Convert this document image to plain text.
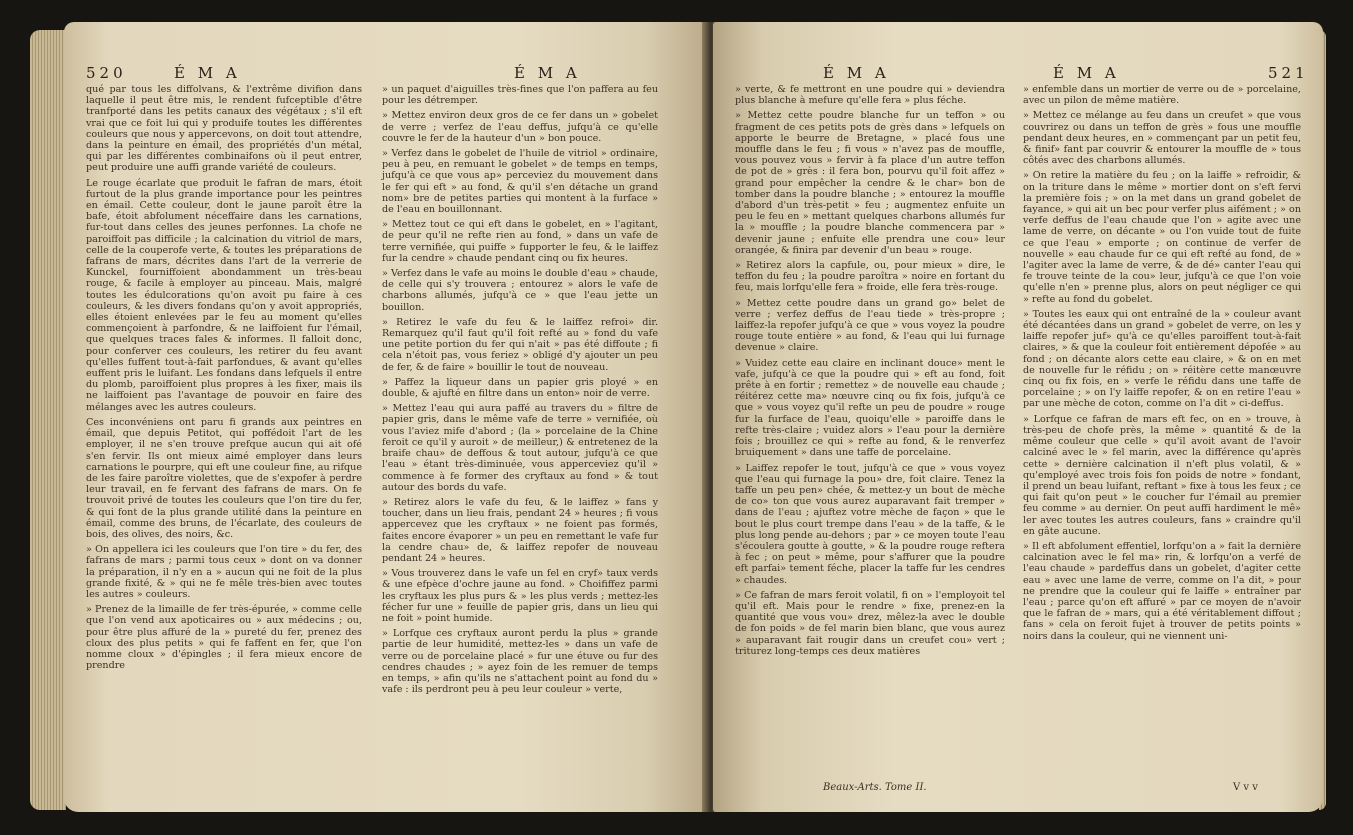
520	É M A	É M A

qué par tous les diffolvans, & l'extrême divifion dans laquelle il peut être mis, le rendent fufceptible d'être tranfporté dans les petits canaux des végétaux ; s'il eft vrai que ce foit lui qui y produife toutes les différentes couleurs que nous y appercevons, on doit tout attendre, dans la peinture en émail, des propriétés d'un métal, qui par les différentes combinaifons où il peut entrer, peut produire une auffi grande variété de couleurs.

Le rouge écarlate que produit le fafran de mars, étoit furtout de la plus grande importance pour les peintres en émail. Cette couleur, dont le jaune paroît être la bafe, étoit abfolument néceffaire dans les carnations, fur-tout dans celles des jeunes perfonnes. La chofe ne paroiffoit pas difficile ; la calcination du vitriol de mars, celle de la couperofe verte, & toutes les préparations de fafrans de mars, décrites dans l'art de la verrerie de Kunckel, fourniffoient abondamment un très-beau rouge, & facile à employer au pinceau. Mais, malgré toutes les édulcorations qu'on avoit pu faire à ces couleurs, & les divers fondans qu'on y avoit appropriés, elles étoient enlevées par le feu au moment qu'elles commençoient à parfondre, & ne laiffoient fur l'émail, que quelques traces fales & informes. Il falloit donc, pour conferver ces couleurs, les retirer du feu avant qu'elles fuffent tout-à-fait parfondues, & avant qu'elles euffent pris le luifant. Les fondans dans lefquels il entre du plomb, paroiffoient plus propres à les fixer, mais ils ne laiffoient pas l'avantage de pouvoir en faire des mélanges avec les autres couleurs.

Ces inconvéniens ont paru fi grands aux peintres en émail, que depuis Petitot, qui poffédoit l'art de les employer, il ne s'en trouve prefque aucun qui ait ofé s'en fervir. Ils ont mieux aimé employer dans leurs carnations le pourpre, qui eft une couleur fine, au rifque de les faire paroître violettes, que de s'expofer à perdre leur travail, en fe fervant des fafrans de mars. On fe trouvoit privé de toutes les couleurs que l'on tire du fer, & qui font de la plus grande utilité dans la peinture en émail, comme des bruns, de l'écarlate, des couleurs de bois, des olives, des noirs, &c.

» On appellera ici les couleurs que l'on tire » du fer, des fafrans de mars ; parmi tous ceux » dont on va donner la préparation, il n'y en a » aucun qui ne foit de la plus grande fixité, & » qui ne fe mêle très-bien avec toutes les autres » couleurs.

» Prenez de la limaille de fer très-épurée, » comme celle que l'on vend aux apoticaires ou » aux médecins ; ou, pour être plus affuré de la » pureté du fer, prenez des cloux des plus petits » qui fe faffent en fer, que l'on nomme cloux » d'épingles ; il fera mieux encore de prendre

» un paquet d'aiguilles très-fines que l'on paffera au feu pour les détremper.

» Mettez environ deux gros de ce fer dans un » gobelet de verre ; verfez de l'eau deffus, jufqu'à ce qu'elle couvre le fer de la hauteur d'un » bon pouce.

» Verfez dans le gobelet de l'huile de vitriol » ordinaire, peu à peu, en remuant le gobelet » de temps en temps, jufqu'à ce que vous ap» perceviez du mouvement dans le fer qui eft » au fond, & qu'il s'en détache un grand nom» bre de petites parties qui montent à la furface » de l'eau en bouillonnant.

» Mettez tout ce qui eft dans le gobelet, en » l'agitant, de peur qu'il ne refte rien au fond, » dans un vafe de terre vernifiée, qui puiffe » fupporter le feu, & le laiffez fur la cendre » chaude pendant cinq ou fix heures.

» Verfez dans le vafe au moins le double d'eau » chaude, de celle qui s'y trouvera ; entourez » alors le vafe de charbons allumés, jufqu'à ce » que l'eau jette un bouillon.

» Retirez le vafe du feu & le laiffez refroi» dir. Remarquez qu'il faut qu'il foit refté au » fond du vafe une petite portion du fer qui n'ait » pas été diffoute ; fi cela n'étoit pas, vous feriez » obligé d'y ajouter un peu de fer, & de faire » bouillir le tout de nouveau.

» Paffez la liqueur dans un papier gris ployé » en double, & ajufté en filtre dans un enton» noir de verre.

» Mettez l'eau qui aura paffé au travers du » filtre de papier gris, dans le même vafe de terre » vernifiée, où vous l'aviez mife d'abord ; (la » porcelaine de la Chine feroit ce qu'il y auroit » de meilleur,) & entretenez de la braife chau» de deffous & tout autour, jufqu'à ce que l'eau » étant très-diminuée, vous apperceviez qu'il » commence à fe former des cryftaux au fond » & tout autour des bords du vafe.

» Retirez alors le vafe du feu, & le laiffez » fans y toucher, dans un lieu frais, pendant 24 » heures ; fi vous appercevez que les cryftaux » ne foient pas formés, faites encore évaporer » un peu en remettant le vafe fur la cendre chau» de, & laiffez repofer de nouveau pendant 24 » heures.

» Vous trouverez dans le vafe un fel en cryf» taux verds & une efpèce d'ochre jaune au fond. » Choififfez parmi les cryftaux les plus purs & » les plus verds ; mettez-les fécher fur une » feuille de papier gris, dans un lieu qui ne foit » point humide.

» Lorfque ces cryftaux auront perdu la plus » grande partie de leur humidité, mettez-les » dans un vafe de verre ou de porcelaine placé » fur une étuve ou fur des cendres chaudes ; » ayez foin de les remuer de temps en temps, » afin qu'ils ne s'attachent point au fond du » vafe : ils perdront peu à peu leur couleur » verte,

É M A	É M A	521

» verte, & fe mettront en une poudre qui » deviendra plus blanche à mefure qu'elle fera » plus féche.

» Mettez cette poudre blanche fur un teffon » ou fragment de ces petits pots de grès dans » lefquels on apporte le beurre de Bretagne, » placé fous une mouffle dans le feu ; fi vous » n'avez pas de mouffle, vous pouvez vous » fervir à fa place d'un autre teffon de pot de » grès : il fera bon, pourvu qu'il foit affez » grand pour empêcher la cendre & le char» bon de tomber dans la poudre blanche ; » entourez la mouffle d'abord d'un très-petit » feu ; augmentez enfuite un peu le feu en » mettant quelques charbons allumés fur la » mouffle ; la poudre blanche commencera par » devenir jaune ; enfuite elle prendra une cou» leur orangée, & finira par devenir d'un beau » rouge.

» Retirez alors la capfule, ou, pour mieux » dire, le teffon du feu ; la poudre paroîtra » noire en fortant du feu, mais lorfqu'elle fera » froide, elle fera très-rouge.

» Mettez cette poudre dans un grand go» belet de verre ; verfez deffus de l'eau tiede » très-propre ; laiffez-la repofer jufqu'à ce que » vous voyez la poudre rouge toute entière » au fond, & l'eau qui lui furnage devenue » claire.

» Vuidez cette eau claire en inclinant douce» ment le vafe, jufqu'à ce que la poudre qui » eft au fond, foit prête à en fortir ; remettez » de nouvelle eau chaude ; réitérez cette ma» nœuvre cinq ou fix fois, jufqu'à ce que » vous voyez qu'il refte un peu de poudre » rouge fur la furface de l'eau, quoiqu'elle » paroiffe dans le refte très-claire ; vuidez alors » l'eau pour la dernière fois ; brouillez ce qui » refte au fond, & le renverfez bruiquement » dans une taffe de porcelaine.

» Laiffez repofer le tout, jufqu'à ce que » vous voyez que l'eau qui furnage la pou» dre, foit claire. Tenez la taffe un peu pen» chée, & mettez-y un bout de mèche de co» ton que vous aurez auparavant fait tremper » dans de l'eau ; ajuftez votre mèche de façon » que le bout le plus court trempe dans l'eau » de la taffe, & le plus long pende au-dehors ; par » ce moyen toute l'eau s'écoulera goutte à goutte, » & la poudre rouge reftera à fec ; on peut » même, pour s'affurer que la poudre eft parfai» tement féche, placer la taffe fur les cendres » chaudes.

» Ce fafran de mars feroit volatil, fi on » l'employoit tel qu'il eft. Mais pour le rendre » fixe, prenez-en la quantité que vous vou» drez, mêlez-la avec le double de fon poids » de fel marin bien blanc, que vous aurez » auparavant fait rougir dans un creufet cou» vert ; triturez long-temps ces deux matières

» enfemble dans un mortier de verre ou de » porcelaine, avec un pilon de même matière.

» Mettez ce mélange au feu dans un creufet » que vous couvrirez ou dans un teffon de grès » fous une mouffle pendant deux heures, en » commençant par un petit feu, & finif» fant par couvrir & entourer la mouffle de » tous côtés avec des charbons allumés.

» On retire la matière du feu ; on la laiffe » refroidir, & on la triture dans le même » mortier dont on s'eft fervi la première fois ; » on la met dans un grand gobelet de fayance, » qui ait un bec pour verfer plus aifément ; » on verfe deffus de l'eau chaude que l'on » agite avec une lame de verre, on décante » ou l'on vuide tout de fuite ce que l'eau » emporte ; on continue de verfer de nouvelle » eau chaude fur ce qui eft refté au fond, de » l'agiter avec la lame de verre, & de dé» canter l'eau qui fe trouve teinte de la cou» leur, jufqu'à ce que l'on voie qu'elle n'en » prenne plus, alors on peut négliger ce qui » refte au fond du gobelet.

» Toutes les eaux qui ont entraîné de la » couleur avant été décantées dans un grand » gobelet de verre, on les y laiffe repofer juf» qu'à ce qu'elles paroiffent tout-à-fait claires, » & que la couleur foit entièrement dépofée » au fond ; on décante alors cette eau claire, » & on en met de nouvelle fur le réfidu ; on » réitère cette manœuvre cinq ou fix fois, en » verfe le réfidu dans une taffe de porcelaine ; » on l'y laiffe repofer, & on en retire l'eau » par une mèche de coton, comme on l'a dit » ci-deffus.

» Lorfque ce fafran de mars eft fec, on en » trouve, à très-peu de chofe près, la même » quantité & de la même couleur que celle » qu'il avoit avant de l'avoir calciné avec le » fel marin, avec la différence qu'après cette » dernière calcination il n'eft plus volatil, & » qu'employé avec trois fois fon poids de notre » fondant, il prend un beau luifant, reftant » fixe à tous les feux ; ce qui fait qu'on peut » le coucher fur l'émail au premier feu comme » au dernier. On peut auffi hardiment le mê» ler avec toutes les autres couleurs, fans » craindre qu'il en gâte aucune.

» Il eft abfolument effentiel, lorfqu'on a » fait la dernière calcination avec le fel ma» rin, & lorfqu'on a verfé de l'eau chaude » pardeffus dans un gobelet, d'agiter cette eau » avec une lame de verre, comme on l'a dit, » pour ne prendre que la couleur qui fe laiffe » entraîner par l'eau ; parce qu'on eft affuré » par ce moyen de n'avoir que le fafran de » mars, qui a été véritablement diffout ; fans » cela on feroit fujet à trouver de petits points » noirs dans la couleur, qui ne viennent uni-

Beaux-Arts. Tome II.	V v v
